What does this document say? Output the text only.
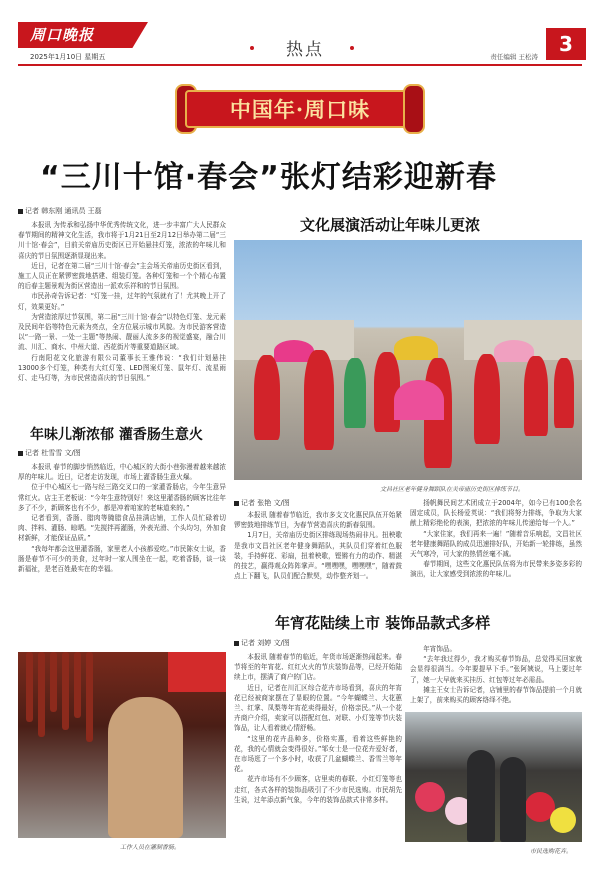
周口晚报
2025年1月10日 星期五	热点	责任编辑 王松涛
3
中国年·周口味
“三川十馆·春会”张灯结彩迎新春
记者 韩东刚 通讯员 王磊

本报讯 为传承和弘扬中华优秀传统文化，进一步丰富广大人民群众春节期间的精神文化生活，我市将于1月21日至2月12日举办第二届“三川十馆·春会”，目前关帝庙历史街区已开始悬挂灯笼，浓浓的年味儿和喜庆的节日氛围逐渐显现出来。

近日，记者在第二届“三川十馆·春会”主会场关帝庙历史街区看到，施工人员正在紧锣密鼓地搭建、组装灯笼。各种灯笼和一个个精心布置的后春主题景观为街区营造出一派欢乐祥和的节日氛围。

市民孙奇告诉记者：“灯笼一挂，过年的气氛就有了！尤其晚上开了灯，效果更好。”

为营造浓厚过节氛围，第二届“三川十馆·春会”以特色灯笼、龙元素及民间年俗等特色元素为亮点，全方位展示城市风貌。为市民游客营造以“一路一景、一处一主题”等热闹、靓丽人流多多的视觉盛宴，融合川流、川汇、商水、中州大道、西花街片等重要道路区域。

行南阳花文化旅游有限公司董事长王雅伟说：“我们计划悬挂13000多个灯笼，种类有大红灯笼、LED图案灯笼、鼠年灯、流星雨灯、走马灯等，为市民营造喜庆的节日氛围。”

年味儿渐浓郁 灌香肠生意火
记者 杜雪雪 文/图

本报讯 春节的脚步悄然临近，中心城区的大街小巷弥漫着越来越浓厚的年味儿。近日，记者走访发现，市场上灌香肠生意火爆。

位于中心城区七一路与经三路交叉口的一家灌香肠店，今年生意异常红火。店主王老板说：“今年生意特别好！来这里灌香肠的顾客比往年多了不少，新顾客也有不少，都是冲着咱家的老味道来的。”

记者看到，香肠、腊肉等腌腊食品挂满店铺，工作人员忙碌着切肉、拌料、灌肠、晾晒。“先搅拌再灌肠，外表光滑、个头均匀，外加食材新鲜，才能保证品质。”

“我每年都会这里灌香肠，家里老人小孩都爱吃。”市民陈女士说，香肠是春节不可少的美食，过年时一家人围坐在一起，吃着香肠，谈一谈新福祉，是老百姓最实在的幸福。

工作人员在灌制香肠。
文化展演活动让年味儿更浓
文昌社区老年健身舞蹈队在关帝庙历史街区排练节目。
记者 张艳 文/图

本报讯 随着春节临近，我市多支文化惠民队伍开始紧锣密鼓地排练节目，为春节营造喜庆的新春氛围。

1月7日，关帝庙历史街区排练现场热闹非凡。扭秧歌是我市文昌社区老年健身舞蹈队，其队员们穿着红色服装，手持鲜花、彩扇，扭着秧歌，铿锵有力的动作、精湛的技艺，赢得观众阵阵掌声。“嘿嘿嘿，嘿嘿嘿”，随着鼓点上下翻飞，队员们配合默契，动作整齐划一。

扬帆舞民间艺术团成立于2004年，如今已有100余名固定成员，队长杨爱英说：“我们将努力排练，争取为大家献上精彩绝伦的表演，把浓浓的年味儿传递给每一个人。”

“大家住家，我们再来一遍！”随着音乐响起，文昌社区老年健康舞蹈队的成员迅速排好队，开始新一轮排练，虽然天气寒冷，可大家的热情丝毫不减。

春节期间，这些文化惠民队伍将为市民带来多姿多彩的演出，让大家感受到浓浓的年味儿。

年宵花陆续上市 装饰品款式多样
记者 刘婷 文/图

本报讯 随着春节的临近，年货市场逐渐热闹起来。春节将至的年宵花、红红火火的节庆装饰品等，已经开始陆续上市，摆满了商户的门店。

近日，记者在川汇区综合花卉市场看到，喜庆的年宵花已经被商家摆在了显眼的位置。“今年蝴蝶兰、大花蕙兰、红掌、凤梨等年宵花卖得最好，价格亲民。”从一个花卉商户介绍，卖家可以搭配红包、对联、小灯笼等节庆装饰品，让人看着就心情舒畅。

“这里的花卉品种多，价格实惠，看着这些鲜艳的花，我的心情就会变得很好。”邹女士是一位花卉爱好者，在市场逛了一个多小时，收获了几盆蝴蝶兰、香雪兰等年花。

花卉市场有不少顾客，店里卖的春联、小红灯笼等也走红，各式各样的装饰品吸引了不少市民选购。市民胡先生说，过年添点新气象，今年的装饰品款式非常多样。

年宵饰品。

“去年我过得少，我才购买春节饰品，总觉得买回家就会显得很满当。今年要提早下手。”张阿姨说，马上要过年了，她一大早就来买挂历、红包等过年必需品。

摊主王女士告诉记者，店铺里的春节饰品提前一个月就上架了，前来购买的顾客络绎不绝。

市民选购花卉。
